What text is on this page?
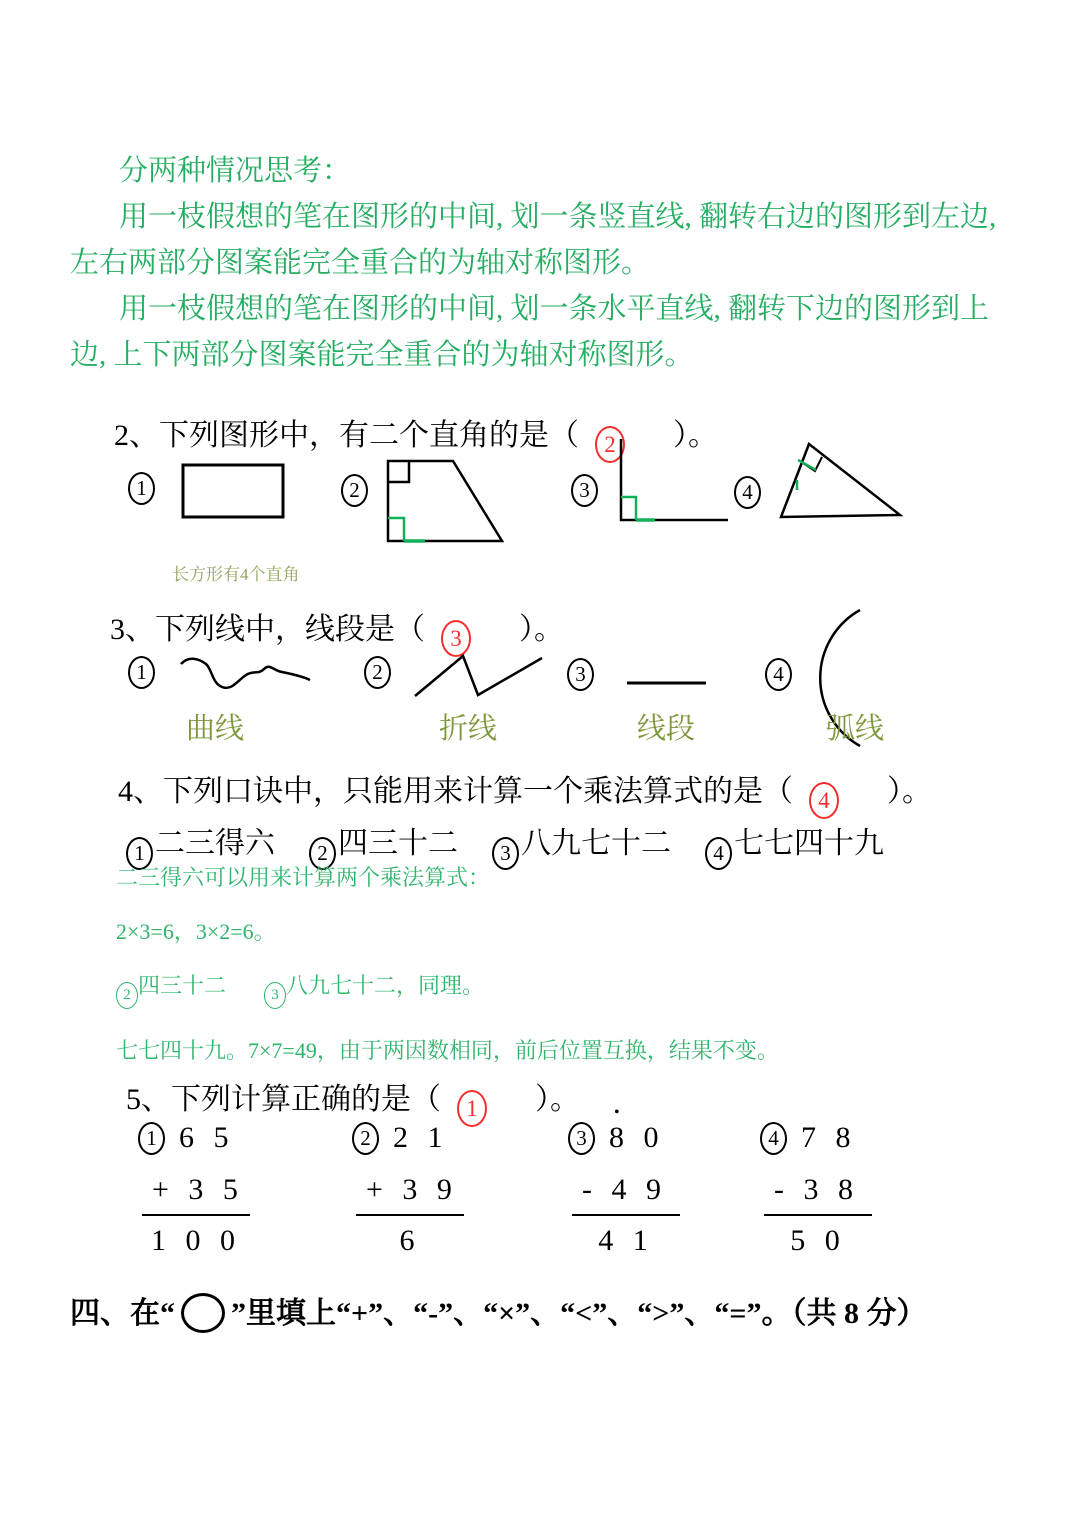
分两种情况思考：

用一枝假想的笔在图形的中间, 划一条竖直线, 翻转右边的图形到左边, 左右两部分图案能完全重合的为轴对称图形。

用一枝假想的笔在图形的中间, 划一条水平直线, 翻转下边的图形到上边, 上下两部分图案能完全重合的为轴对称图形。

2、下列图形中，有二个直角的是（ 2 ）。
1	2	3	4
长方形有4个直角
3、下列线中，线段是（ 3 ）。
1	2	3	4
曲线	折线	线段	弧线
4、下列口诀中，只能用来计算一个乘法算式的是（ 4 ）。
1 二三得六	2 四三十二	3 八九七十二	4 七七四十九

二三得六可以用来计算两个乘法算式：

2×3=6，3×2=6。

2 四三十二	3 八九七十二，同理。

七七四十九。7×7=49，由于两因数相同，前后位置互换，结果不变。

5、下列计算正确的是（ 1 ）。
1 6 5
+ 3 5
1 0 0
2 2 1
+ 3 9
6
3 8 0
•
- 4 9
4 1
4 7 8
- 3 8
5 0
四、在“ ”里填上“+”、“-”、“×”、“<”、“>”、“=”。（共 8 分）
